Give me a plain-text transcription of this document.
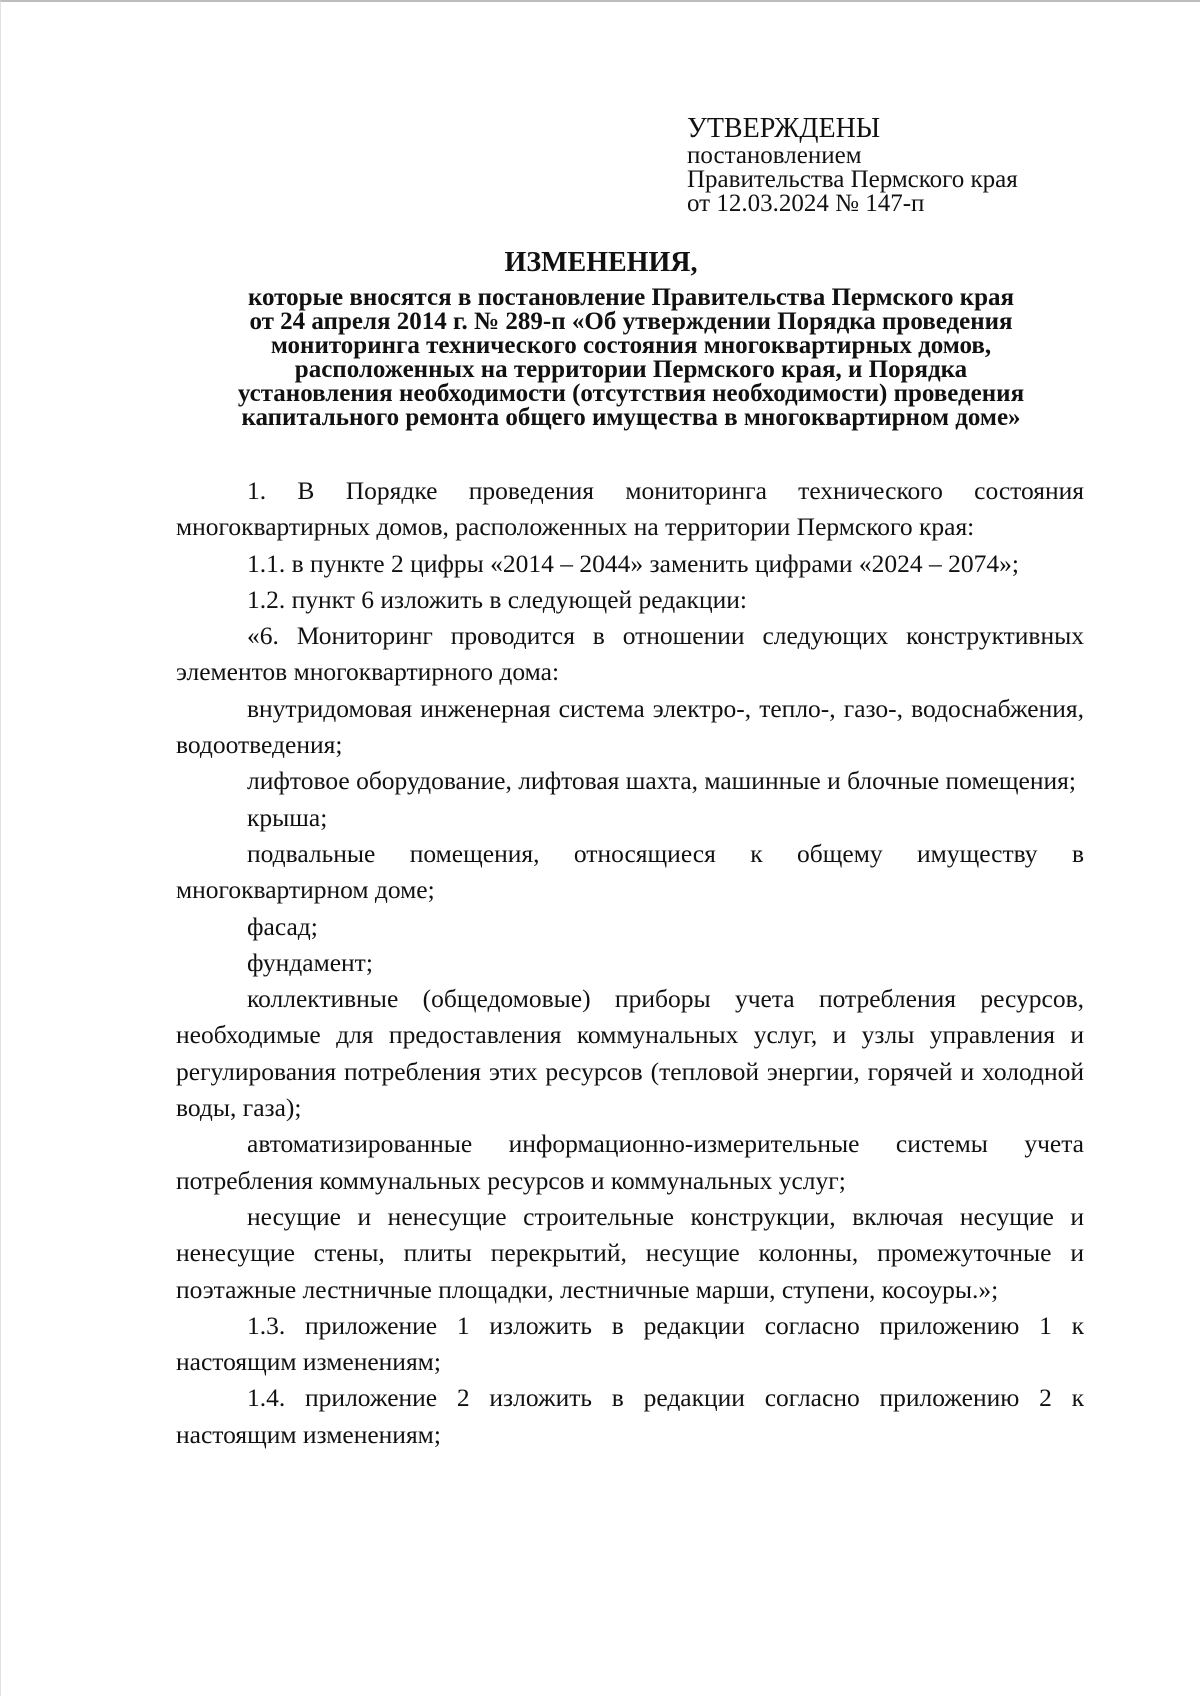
УТВЕРЖДЕНЫ
постановлением
Правительства Пермского края
от 12.03.2024 № 147-п
ИЗМЕНЕНИЯ,
которые вносятся в постановление Правительства Пермского края
от 24 апреля 2014 г. № 289-п «Об утверждении Порядка проведения
мониторинга технического состояния многоквартирных домов,
расположенных на территории Пермского края, и Порядка
установления необходимости (отсутствия необходимости) проведения
капитального ремонта общего имущества в многоквартирном доме»

1. В Порядке проведения мониторинга технического состояния многоквартирных домов, расположенных на территории Пермского края:

1.1. в пункте 2 цифры «2014 – 2044» заменить цифрами «2024 – 2074»;

1.2. пункт 6 изложить в следующей редакции:

«6. Мониторинг проводится в отношении следующих конструктивных элементов многоквартирного дома:

внутридомовая инженерная система электро-, тепло-, газо-, водоснабжения, водоотведения;

лифтовое оборудование, лифтовая шахта, машинные и блочные помещения;

крыша;

подвальные помещения, относящиеся к общему имуществу в многоквартирном доме;

фасад;

фундамент;

коллективные (общедомовые) приборы учета потребления ресурсов, необходимые для предоставления коммунальных услуг, и узлы управления и регулирования потребления этих ресурсов (тепловой энергии, горячей и холодной воды, газа);

автоматизированные информационно-измерительные системы учета потребления коммунальных ресурсов и коммунальных услуг;

несущие и ненесущие строительные конструкции, включая несущие и ненесущие стены, плиты перекрытий, несущие колонны, промежуточные и поэтажные лестничные площадки, лестничные марши, ступени, косоуры.»;

1.3. приложение 1 изложить в редакции согласно приложению 1 к настоящим изменениям;

1.4. приложение 2 изложить в редакции согласно приложению 2 к настоящим изменениям;
